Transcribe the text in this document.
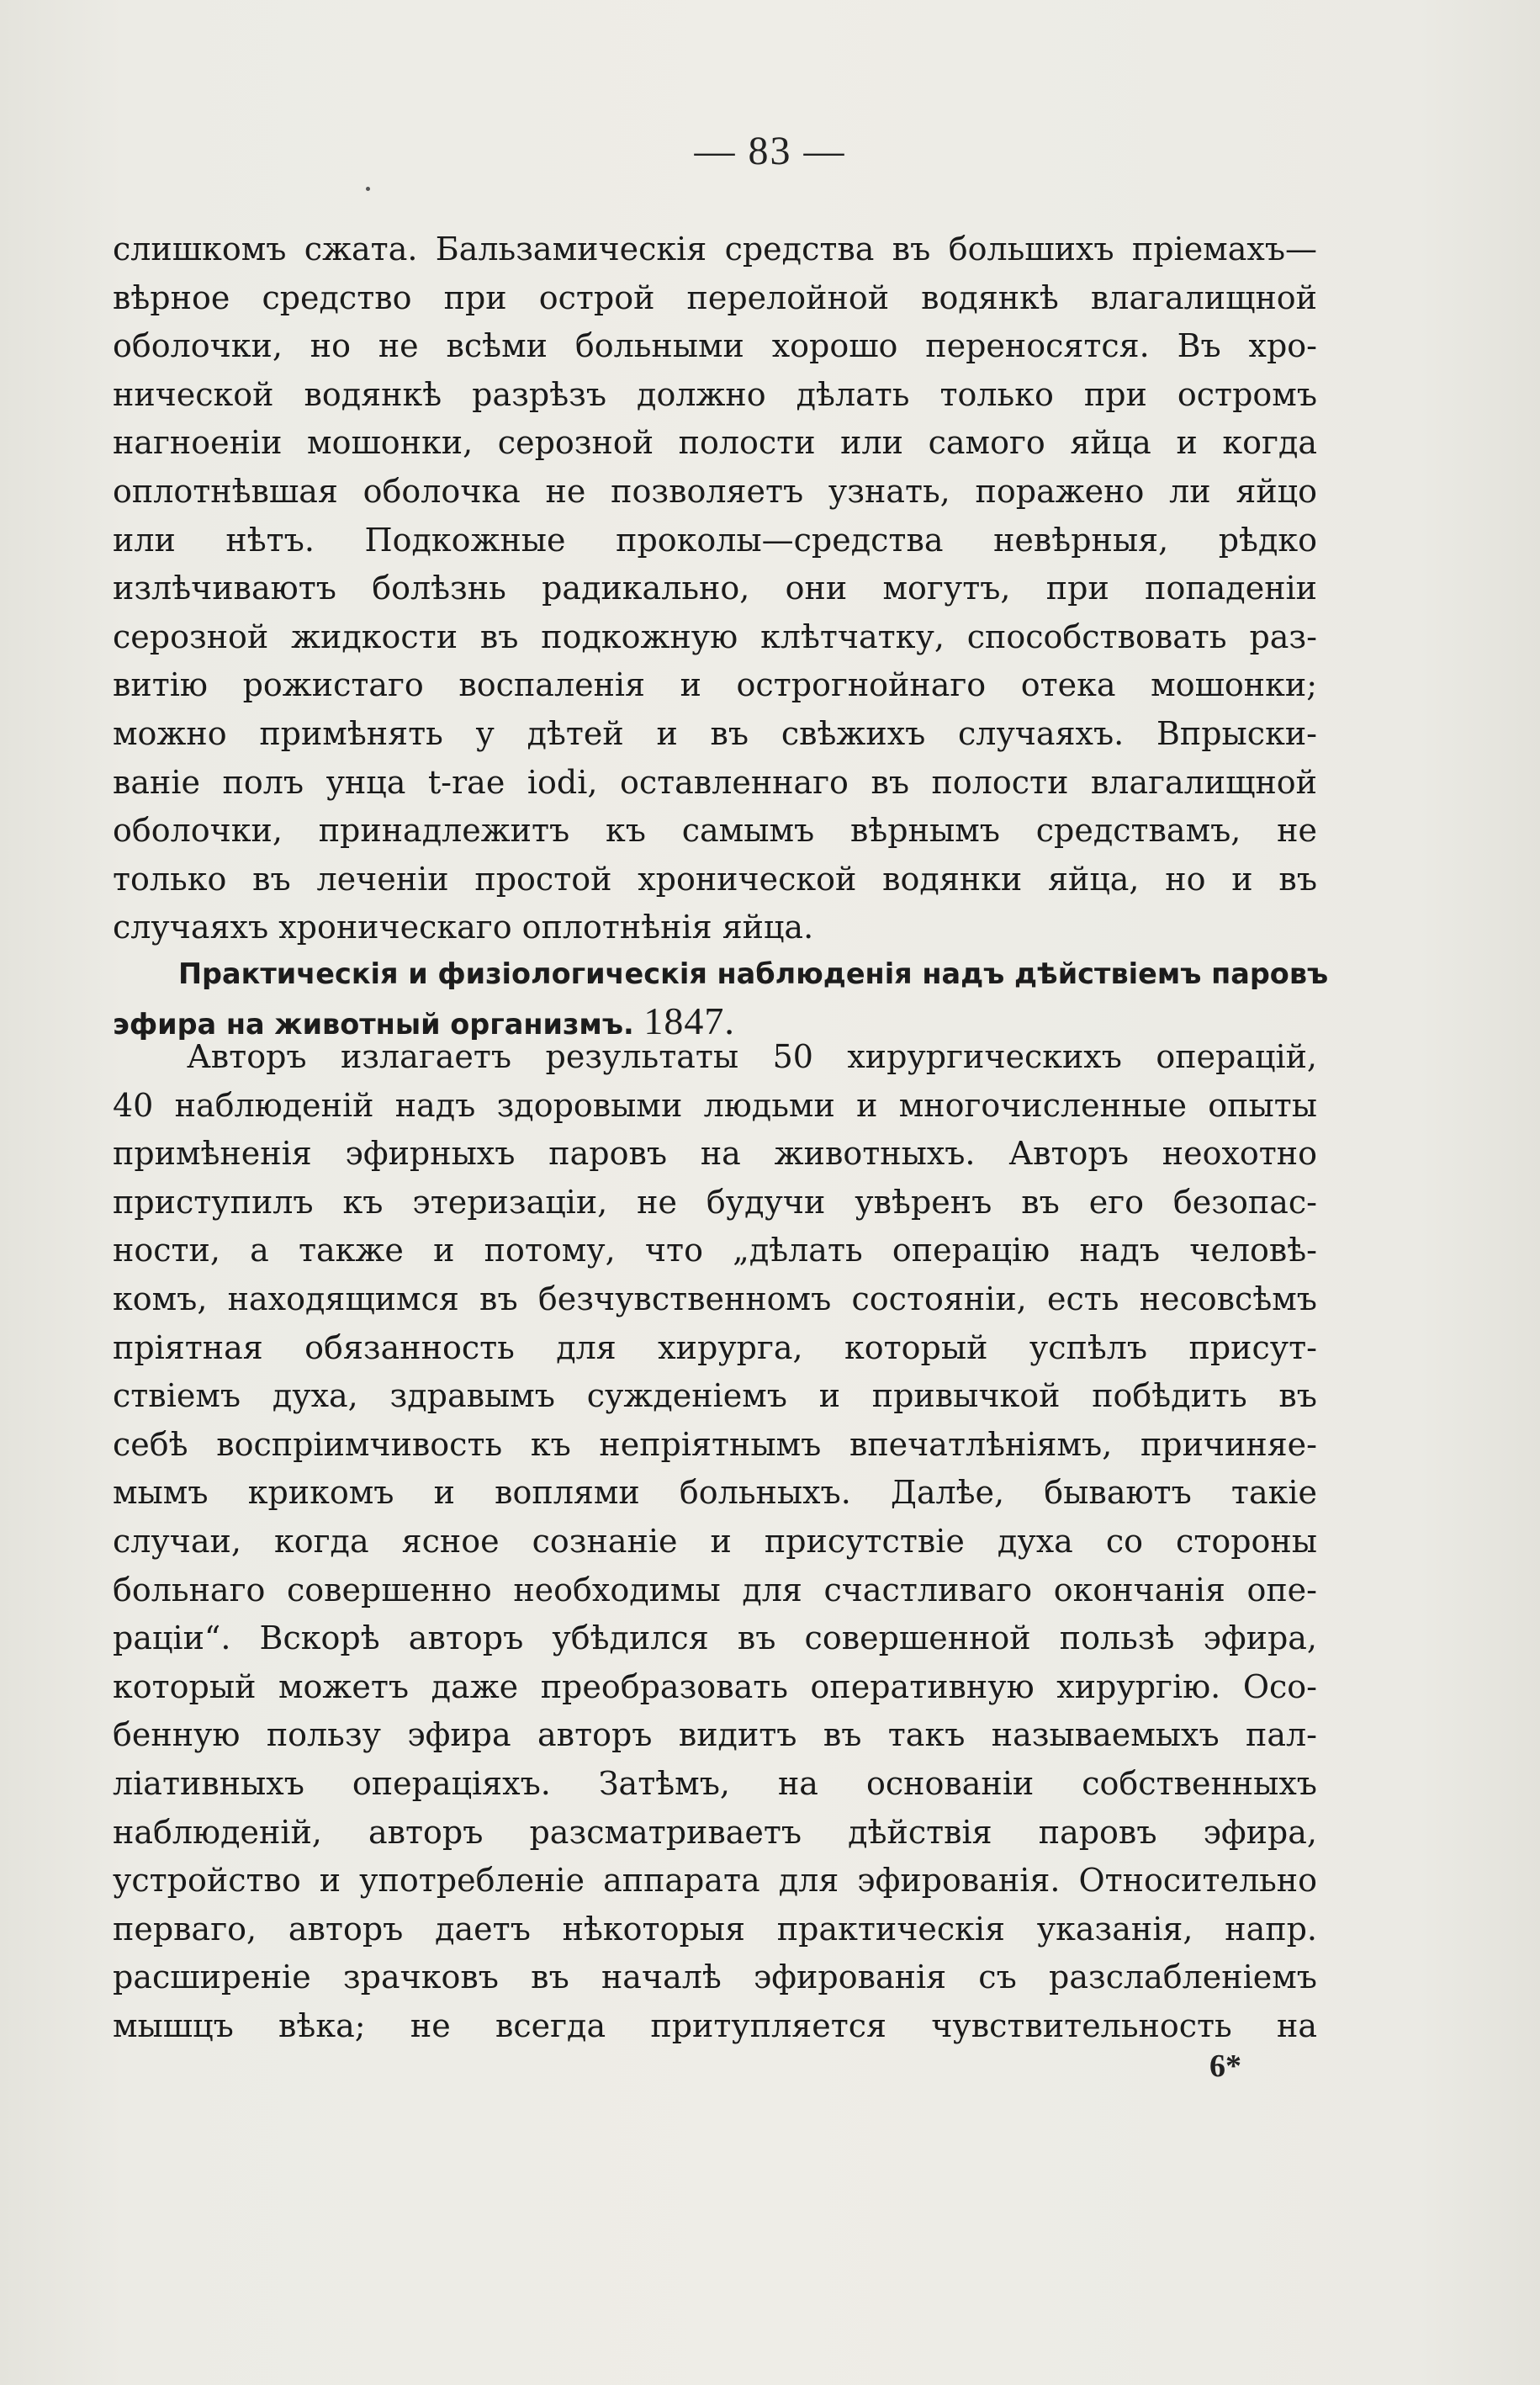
— 83 —
слишкомъ сжата. Бальзамическія средства въ большихъ пріемахъ—
вѣрное средство при острой перелойной водянкѣ влагалищной
оболочки, но не всѣми больными хорошо переносятся. Въ хро-
нической водянкѣ разрѣзъ должно дѣлать только при остромъ
нагноеніи мошонки, серозной полости или самого яйца и когда
оплотнѣвшая оболочка не позволяетъ узнать, поражено ли яйцо
или нѣтъ. Подкожные проколы—средства невѣрныя, рѣдко
излѣчиваютъ болѣзнь радикально, они могутъ, при попаденіи
серозной жидкости въ подкожную клѣтчатку, способствовать раз-
витію рожистаго воспаленія и острогнойнаго отека мошонки;
можно примѣнять у дѣтей и въ свѣжихъ случаяхъ. Впрыски-
ваніе полъ унца t-rae iodi, оставленнаго въ полости влагалищной
оболочки, принадлежитъ къ самымъ вѣрнымъ средствамъ, не
только въ леченіи простой хронической водянки яйца, но и въ
случаяхъ хроническаго оплотнѣнія яйца.
Практическія и физіологическія наблюденія надъ дѣйствіемъ паровъ
эфира на животный организмъ. 1847.
Авторъ излагаетъ результаты 50 хирургическихъ операцій,
40 наблюденій надъ здоровыми людьми и многочисленные опыты
примѣненія эфирныхъ паровъ на животныхъ. Авторъ неохотно
приступилъ къ этеризаціи, не будучи увѣренъ въ его безопас-
ности, а также и потому, что „дѣлать операцію надъ человѣ-
комъ, находящимся въ безчувственномъ состояніи, есть несовсѣмъ
пріятная обязанность для хирурга, который успѣлъ присут-
ствіемъ духа, здравымъ сужденіемъ и привычкой побѣдить въ
себѣ воспріимчивость къ непріятнымъ впечатлѣніямъ, причиняе-
мымъ крикомъ и воплями больныхъ. Далѣе, бываютъ такіе
случаи, когда ясное сознаніе и присутствіе духа со стороны
больнаго совершенно необходимы для счастливаго окончанія опе-
раціи“. Вскорѣ авторъ убѣдился въ совершенной пользѣ эфира,
который можетъ даже преобразовать оперативную хирургію. Осо-
бенную пользу эфира авторъ видитъ въ такъ называемыхъ пал-
ліативныхъ операціяхъ. Затѣмъ, на основаніи собственныхъ
наблюденій, авторъ разсматриваетъ дѣйствія паровъ эфира,
устройство и употребленіе аппарата для эфированія. Относительно
перваго, авторъ даетъ нѣкоторыя практическія указанія, напр.
расширеніе зрачковъ въ началѣ эфированія съ разслабленіемъ
мышцъ вѣка; не всегда притупляется чувствительность на
6*
